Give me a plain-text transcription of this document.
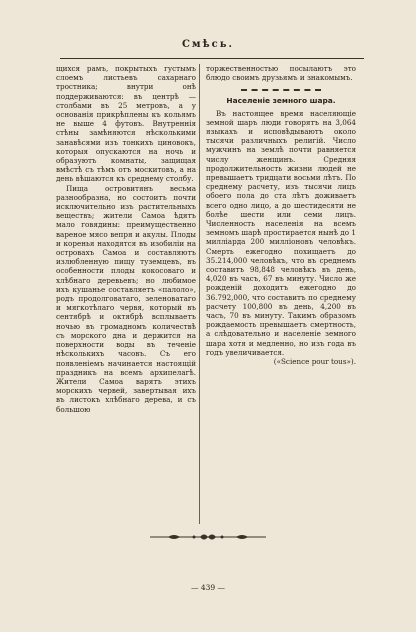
Смѣсь.

щихся рамъ, покрытыхъ густымъ слоемъ листьевъ сахарнаго тростника; внутри онѣ поддерживаются: въ центрѣ — столбами въ 25 метровъ, а у основанія прикрѣплены къ кольямъ не выше 4 футовъ. Внутреннія стѣны замѣняются нѣсколькими занавѣсями изъ тонкихъ циновокъ, которыя опускаются на ночь и образуютъ комнаты, защищая вмѣстѣ съ тѣмъ отъ москитовъ, а на день вѣшаются къ среднему столбу.

Пища островитянъ весьма разнообразна, но состоитъ почти исключительно изъ растительныхъ веществъ; жители Самоа ѣдятъ мало говядины: преимущественно вареное мясо вепря и акулы. Плоды и коренья находятся въ изобиліи на островахъ Самоа и составляютъ излюбленную пищу туземцевъ, въ особенности плоды кокосоваго и хлѣбнаго деревьевъ; но любимое ихъ кушанье составляетъ «палоло», родъ продолговатаго, зеленоватаго и мягкотѣлаго червя, который въ сентябрѣ и октябрѣ всплываетъ ночью въ громадномъ количествѣ съ морского дна и держится на поверхности воды въ теченіе нѣсколькихъ часовъ. Съ его появленіемъ начинается настоящій праздникъ на всемъ архипелагѣ. Жители Самоа варятъ этихъ морскихъ червей, завертывая ихъ въ листокъ хлѣбнаго дерева, и съ большою

торжественностью посылаютъ это блюдо своимъ друзьямъ и знакомымъ.

Населеніе земного шара.

Въ настоящее время населяющіе земной шаръ люди говорятъ на 3,064 языкахъ и исповѣдываютъ около тысячи различныхъ религій. Число мужчинъ на землѣ почти равняется числу женщинъ. Средняя продолжительность жизни людей не превышаетъ тридцати восьми лѣтъ. По среднему расчету, изъ тысячи лицъ обоего пола до ста лѣтъ доживаетъ всего одно лицо, а до шестидесяти не болѣе шести или семи лицъ. Численность населенія на всемъ земномъ шарѣ простирается нынѣ до 1 милліарда 200 милліоновъ человѣкъ. Смерть ежегодно похищаетъ до 35.214,000 человѣкъ, что въ среднемъ составитъ 98,848 человѣкъ въ день, 4,020 въ часъ, 67 въ минуту. Число же рожденій доходитъ ежегодно до 36.792,000, что составитъ по среднему расчету 100,800 въ день, 4,200 въ часъ, 70 въ минуту. Такимъ образомъ рождаемость превышаетъ смертность, а слѣдовательно и населеніе земного шара хотя и медленно, но изъ года въ годъ увеличивается.

(«Science pour tous»).

— 439 —
